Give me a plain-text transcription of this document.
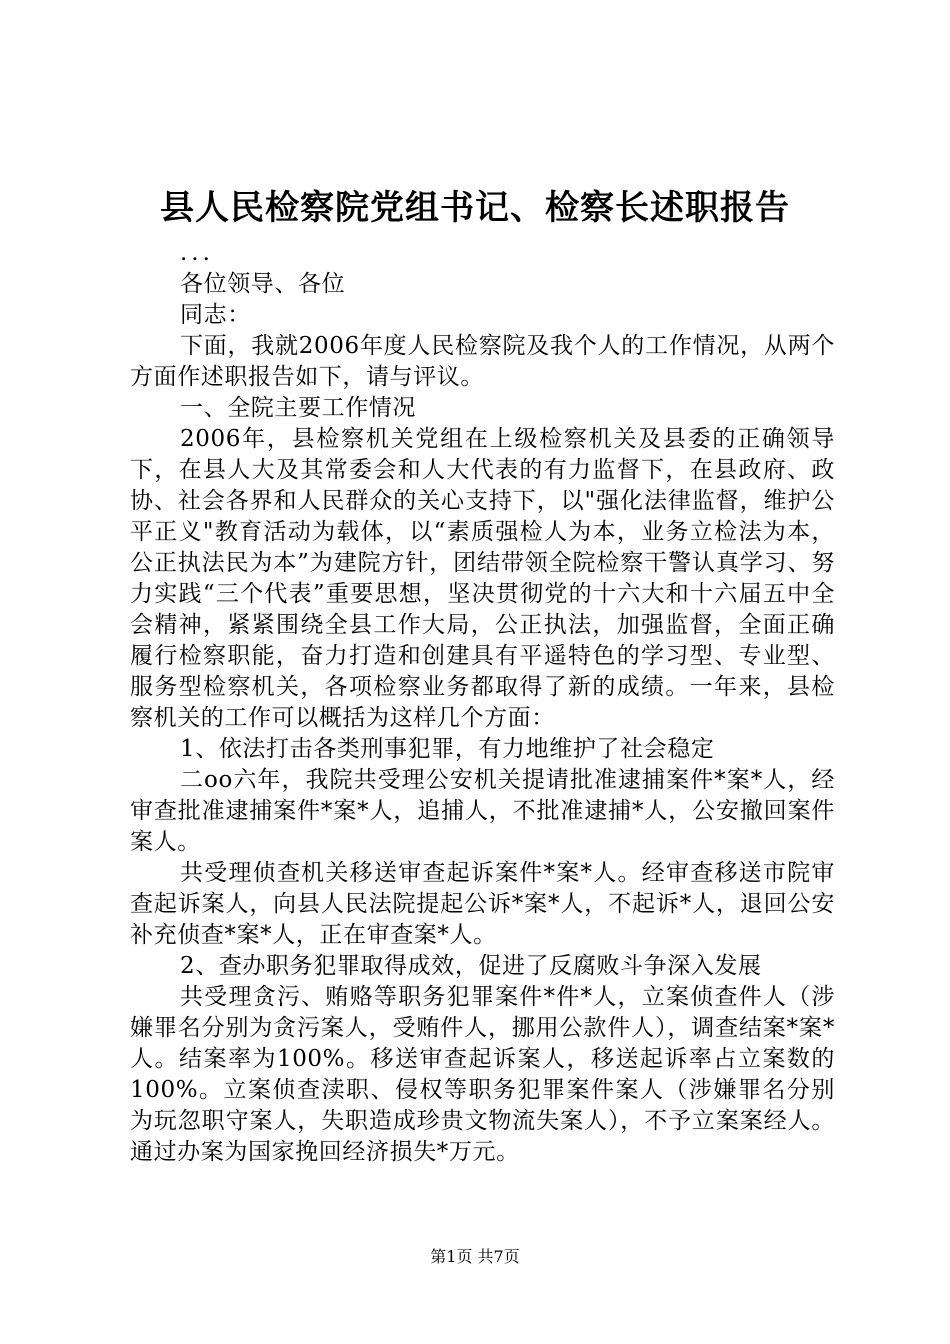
县人民检察院党组书记、检察长述职报告

...

各位领导、各位

同志：

下面，我就2006年度人民检察院及我个人的工作情况，从两个方面作述职报告如下，请与评议。

一、全院主要工作情况

2006年，县检察机关党组在上级检察机关及县委的正确领导下，在县人大及其常委会和人大代表的有力监督下，在县政府、政协、社会各界和人民群众的关心支持下，以"强化法律监督，维护公平正义"教育活动为载体，以“素质强检人为本，业务立检法为本，公正执法民为本”为建院方针，团结带领全院检察干警认真学习、努力实践“三个代表”重要思想，坚决贯彻党的十六大和十六届五中全会精神，紧紧围绕全县工作大局，公正执法，加强监督，全面正确履行检察职能，奋力打造和创建具有平遥特色的学习型、专业型、服务型检察机关，各项检察业务都取得了新的成绩。一年来，县检察机关的工作可以概括为这样几个方面：

1、依法打击各类刑事犯罪，有力地维护了社会稳定

二oo六年，我院共受理公安机关提请批准逮捕案件*案*人，经审查批准逮捕案件*案*人，追捕人，不批准逮捕*人，公安撤回案件案人。

共受理侦查机关移送审查起诉案件*案*人。经审查移送市院审查起诉案人，向县人民法院提起公诉*案*人，不起诉*人，退回公安补充侦查*案*人，正在审查案*人。

2、查办职务犯罪取得成效，促进了反腐败斗争深入发展

共受理贪污、贿赂等职务犯罪案件*件*人，立案侦查件人（涉嫌罪名分别为贪污案人，受贿件人，挪用公款件人），调查结案*案*人。结案率为100%。移送审查起诉案人，移送起诉率占立案数的100%。立案侦查渎职、侵权等职务犯罪案件案人（涉嫌罪名分别为玩忽职守案人，失职造成珍贵文物流失案人），不予立案案经人。通过办案为国家挽回经济损失*万元。

第1页 共7页
